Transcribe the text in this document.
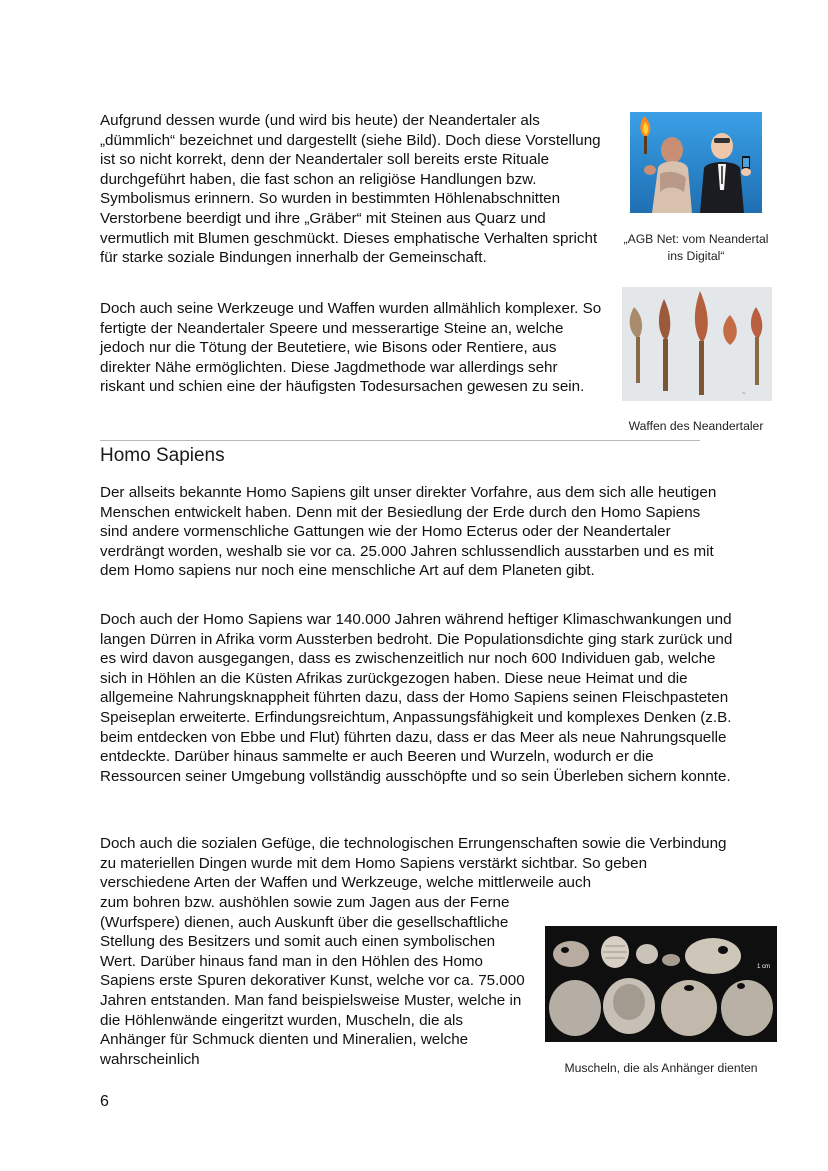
Aufgrund dessen wurde (und wird bis heute) der Neandertaler als „dümmlich“ bezeichnet und dargestellt (siehe Bild). Doch diese Vorstellung ist so nicht korrekt, denn der Neandertaler soll bereits erste Rituale durchgeführt haben, die fast schon an religiöse Handlungen bzw. Symbolismus erinnern. So wurden in bestimmten Höhlenabschnitten Verstorbene beerdigt und ihre „Gräber“ mit Steinen aus Quarz und vermutlich mit Blumen geschmückt. Dieses emphatische Verhalten spricht für starke soziale Bindungen innerhalb der Gemeinschaft.
„AGB Net: vom Neandertal ins Digital“
Doch auch seine Werkzeuge und Waffen wurden allmählich komplexer. So fertigte der Neandertaler Speere und messerartige Steine an, welche jedoch nur die Tötung der Beutetiere, wie Bisons oder Rentiere, aus direkter Nähe ermöglichten. Diese Jagdmethode war allerdings sehr riskant und schien eine der häufigsten Todesursachen gewesen zu sein.	~
Waffen des Neandertaler
Homo Sapiens
Der allseits bekannte Homo Sapiens gilt unser direkter Vorfahre, aus dem sich alle heutigen Menschen entwickelt haben. Denn mit der Besiedlung der Erde durch den Homo Sapiens sind andere vormenschliche Gattungen wie der Homo Ecterus oder der Neandertaler verdrängt worden, weshalb sie vor ca. 25.000 Jahren schlussendlich ausstarben und es mit dem Homo sapiens nur noch eine menschliche Art auf dem Planeten gibt.
Doch auch der Homo Sapiens war 140.000 Jahren während heftiger Klimaschwankungen und langen Dürren in Afrika vorm Aussterben bedroht. Die Populationsdichte ging stark zurück und es wird davon ausgegangen, dass es zwischenzeitlich nur noch 600 Individuen gab, welche sich in Höhlen an die Küsten Afrikas zurückgezogen haben. Diese neue Heimat und die allgemeine Nahrungsknappheit führten dazu, dass der Homo Sapiens seinen Fleischpasteten Speiseplan erweiterte. Erfindungsreichtum, Anpassungsfähigkeit und komplexes Denken (z.B. beim entdecken von Ebbe und Flut) führten dazu, dass er das Meer als neue Nahrungsquelle entdeckte. Darüber hinaus sammelte er auch Beeren und Wurzeln, wodurch er die Ressourcen seiner Umgebung vollständig ausschöpfte und so sein Überleben sichern konnte.
Doch auch die sozialen Gefüge, die technologischen Errungenschaften sowie die Verbindung zu materiellen Dingen wurde mit dem Homo Sapiens verstärkt sichtbar. So geben verschiedene Arten der Waffen und Werkzeuge, welche mittlerweile auch
zum bohren bzw. aushöhlen sowie zum Jagen aus der Ferne (Wurfspere) dienen, auch Auskunft über die gesellschaftliche Stellung des Besitzers und somit auch einen symbolischen Wert. Darüber hinaus fand man in den Höhlen des Homo Sapiens erste Spuren dekorativer Kunst, welche vor ca. 75.000 Jahren entstanden. Man fand beispielsweise Muster, welche in die Höhlenwände eingeritzt wurden, Muscheln, die als Anhänger für Schmuck dienten und Mineralien, welche wahrscheinlich
1 cm
Muscheln, die als Anhänger dienten
6
